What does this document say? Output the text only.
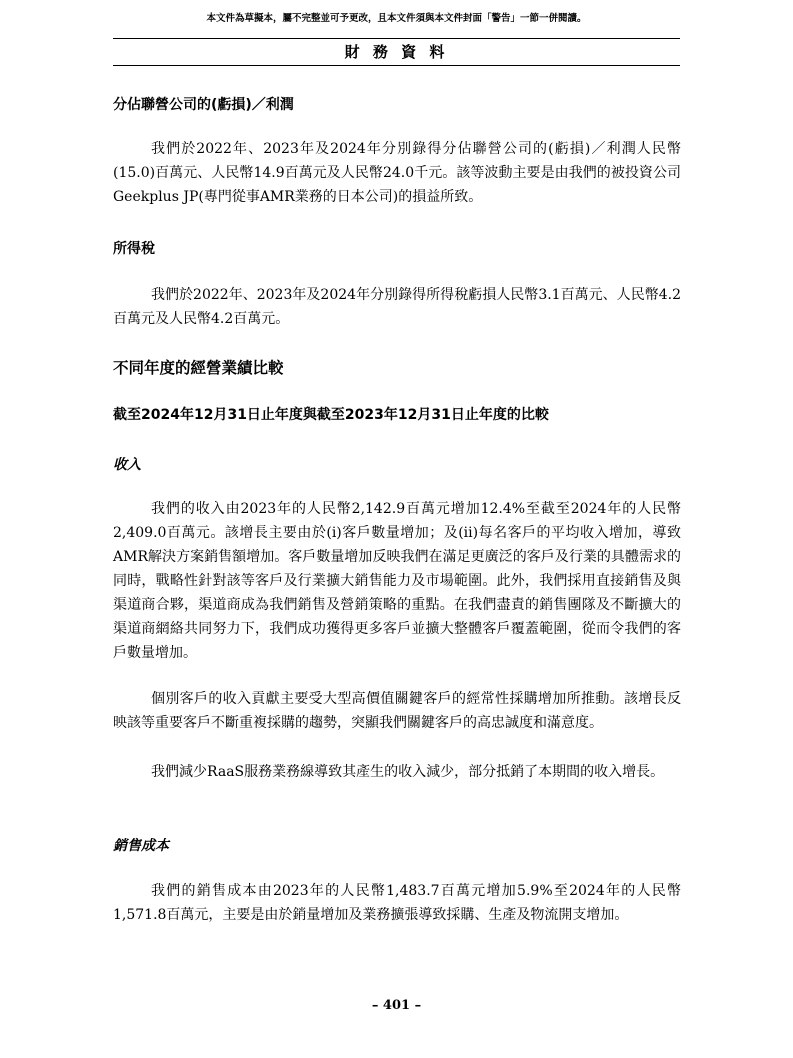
本文件為草擬本，屬不完整並可予更改，且本文件須與本文件封面「警告」一節一併閱讀。
財 務 資 料
分佔聯營公司的(虧損)／利潤

我們於2022年、2023年及2024年分別錄得分佔聯營公司的(虧損)／利潤人民幣(15.0)百萬元、人民幣14.9百萬元及人民幣24.0千元。該等波動主要是由我們的被投資公司Geekplus JP(專門從事AMR業務的日本公司)的損益所致。

所得稅

我們於2022年、2023年及2024年分別錄得所得稅虧損人民幣3.1百萬元、人民幣4.2百萬元及人民幣4.2百萬元。

不同年度的經營業績比較
截至2024年12月31日止年度與截至2023年12月31日止年度的比較
收入

我們的收入由2023年的人民幣2,142.9百萬元增加12.4%至截至2024年的人民幣2,409.0百萬元。該增長主要由於(i)客戶數量增加；及(ii)每名客戶的平均收入增加，導致AMR解決方案銷售額增加。客戶數量增加反映我們在滿足更廣泛的客戶及行業的具體需求的同時，戰略性針對該等客戶及行業擴大銷售能力及市場範圍。此外，我們採用直接銷售及與渠道商合夥，渠道商成為我們銷售及營銷策略的重點。在我們盡責的銷售團隊及不斷擴大的渠道商網絡共同努力下，我們成功獲得更多客戶並擴大整體客戶覆蓋範圍，從而令我們的客戶數量增加。

個別客戶的收入貢獻主要受大型高價值關鍵客戶的經常性採購增加所推動。該增長反映該等重要客戶不斷重複採購的趨勢，突顯我們關鍵客戶的高忠誠度和滿意度。

我們減少RaaS服務業務線導致其產生的收入減少，部分抵銷了本期間的收入增長。

銷售成本

我們的銷售成本由2023年的人民幣1,483.7百萬元增加5.9%至2024年的人民幣1,571.8百萬元，主要是由於銷量增加及業務擴張導致採購、生產及物流開支增加。

– 401 –
